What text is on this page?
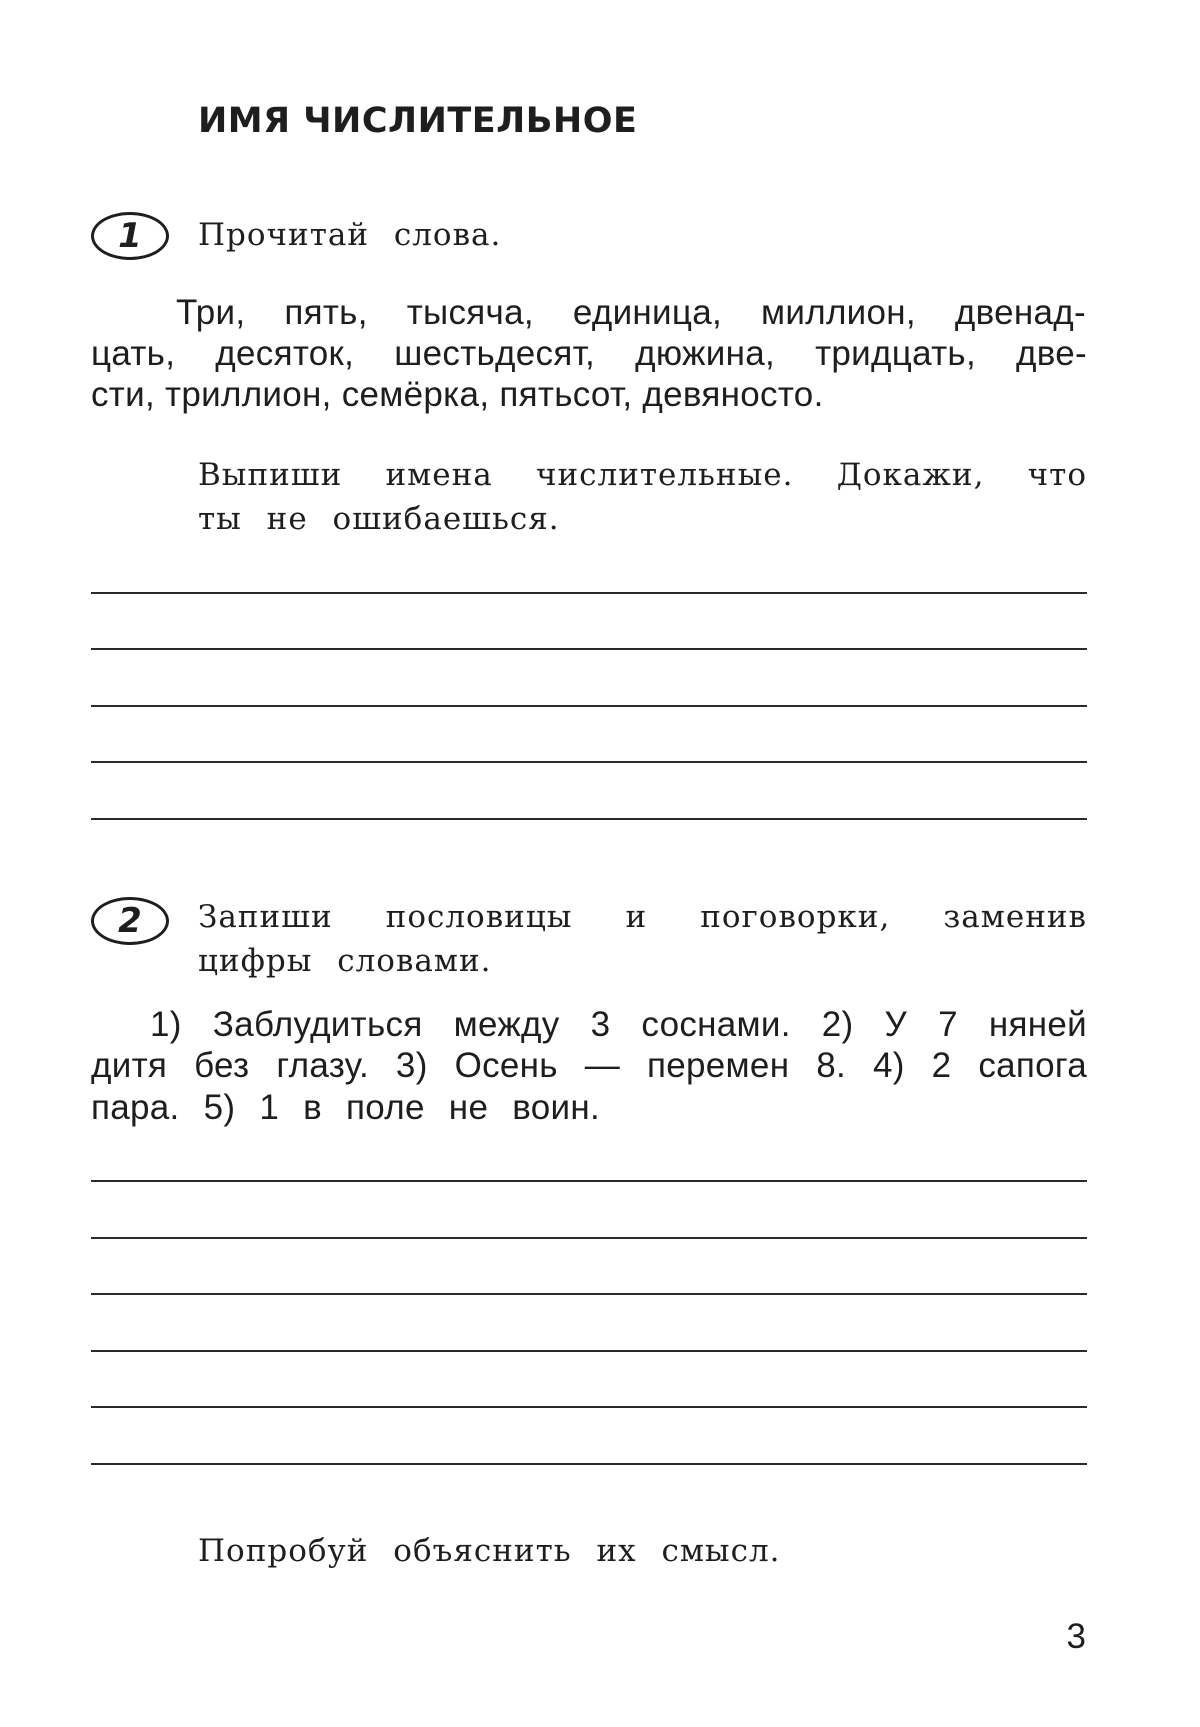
ИМЯ ЧИСЛИТЕЛЬНОЕ
1	Прочитай слова.
Три, пять, тысяча, единица, миллион, двенад-
цать, десяток, шестьдесят, дюжина, тридцать, две-
сти, триллион, семёрка, пятьсот, девяносто.
Выпиши имена числительные. Докажи, что
ты не ошибаешься.
2	Запиши пословицы и поговорки, заменив
цифры словами.
1) Заблудиться между 3 соснами. 2) У 7 няней
дитя без глазу. 3) Осень — перемен 8. 4) 2 сапога
пара. 5) 1 в поле не воин.
Попробуй объяснить их смысл.
3
